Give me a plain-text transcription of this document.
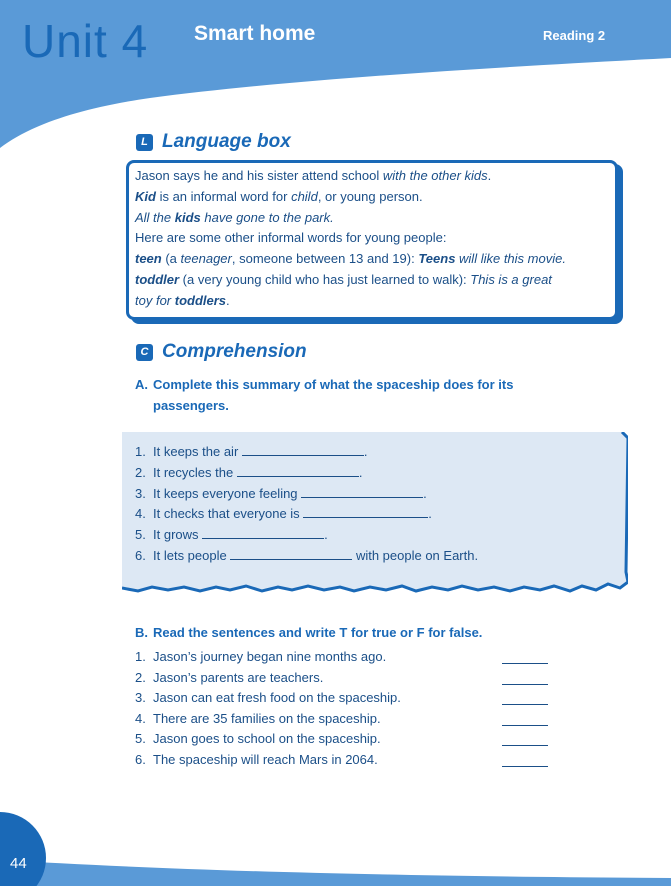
Unit 4 Smart home	Reading 2
L Language box
Jason says he and his sister attend school with the other kids.
Kid is an informal word for child, or young person.
All the kids have gone to the park.
Here are some other informal words for young people:
teen (a teenager, someone between 13 and 19): Teens will like this movie.
toddler (a very young child who has just learned to walk): This is a great
toy for toddlers.
C Comprehension
A. Complete this summary of what the spaceship does for its
passengers.
1. It keeps the air	.
2. It recycles the	.
3. It keeps everyone feeling	.
4. It checks that everyone is	.
5. It grows	.
6. It lets people	with people on Earth.
B. Read the sentences and write T for true or F for false.
1. Jason’s journey began nine months ago.
2. Jason’s parents are teachers.
3. Jason can eat fresh food on the spaceship.
4. There are 35 families on the spaceship.
5. Jason goes to school on the spaceship.
6. The spaceship will reach Mars in 2064.
44
